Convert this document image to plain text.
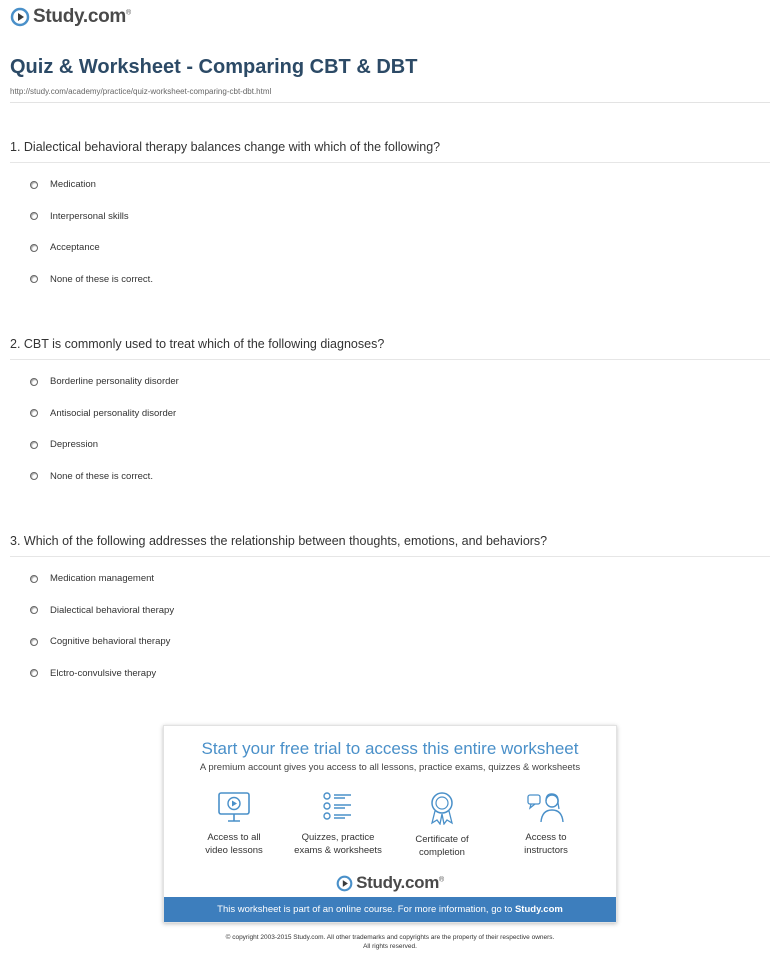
Study.com®
Quiz & Worksheet - Comparing CBT & DBT
http://study.com/academy/practice/quiz-worksheet-comparing-cbt-dbt.html

1. Dialectical behavioral therapy balances change with which of the following?

Medication
Interpersonal skills
Acceptance
None of these is correct.

2. CBT is commonly used to treat which of the following diagnoses?

Borderline personality disorder
Antisocial personality disorder
Depression
None of these is correct.

3. Which of the following addresses the relationship between thoughts, emotions, and behaviors?

Medication management
Dialectical behavioral therapy
Cognitive behavioral therapy
Elctro-convulsive therapy
Start your free trial to access this entire worksheet
A premium account gives you access to all lessons, practice exams, quizzes & worksheets
Access to all
video lessons
Quizzes, practice
exams & worksheets
Certificate of
completion
Access to
instructors
Study.com®
This worksheet is part of an online course. For more information, go to Study.com
© copyright 2003-2015 Study.com. All other trademarks and copyrights are the property of their respective owners.
All rights reserved.
